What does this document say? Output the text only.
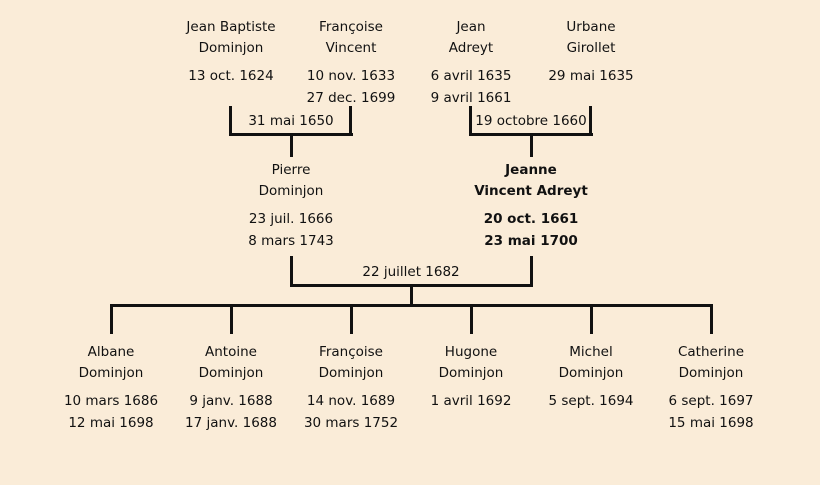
Jean Baptiste
Dominjon
13 oct. 1624
Françoise
Vincent
10 nov. 1633
27 dec. 1699
Jean
Adreyt
6 avril 1635
9 avril 1661
Urbane
Girollet
29 mai 1635
31 mai 1650	19 octobre 1660
Pierre
Dominjon
23 juil. 1666
8 mars 1743
Jeanne
Vincent Adreyt
20 oct. 1661
23 mai 1700
22 juillet 1682
Albane
Dominjon
10 mars 1686
12 mai 1698
Antoine
Dominjon
9 janv. 1688
17 janv. 1688
Françoise
Dominjon
14 nov. 1689
30 mars 1752
Hugone
Dominjon
1 avril 1692
Michel
Dominjon
5 sept. 1694
Catherine
Dominjon
6 sept. 1697
15 mai 1698
